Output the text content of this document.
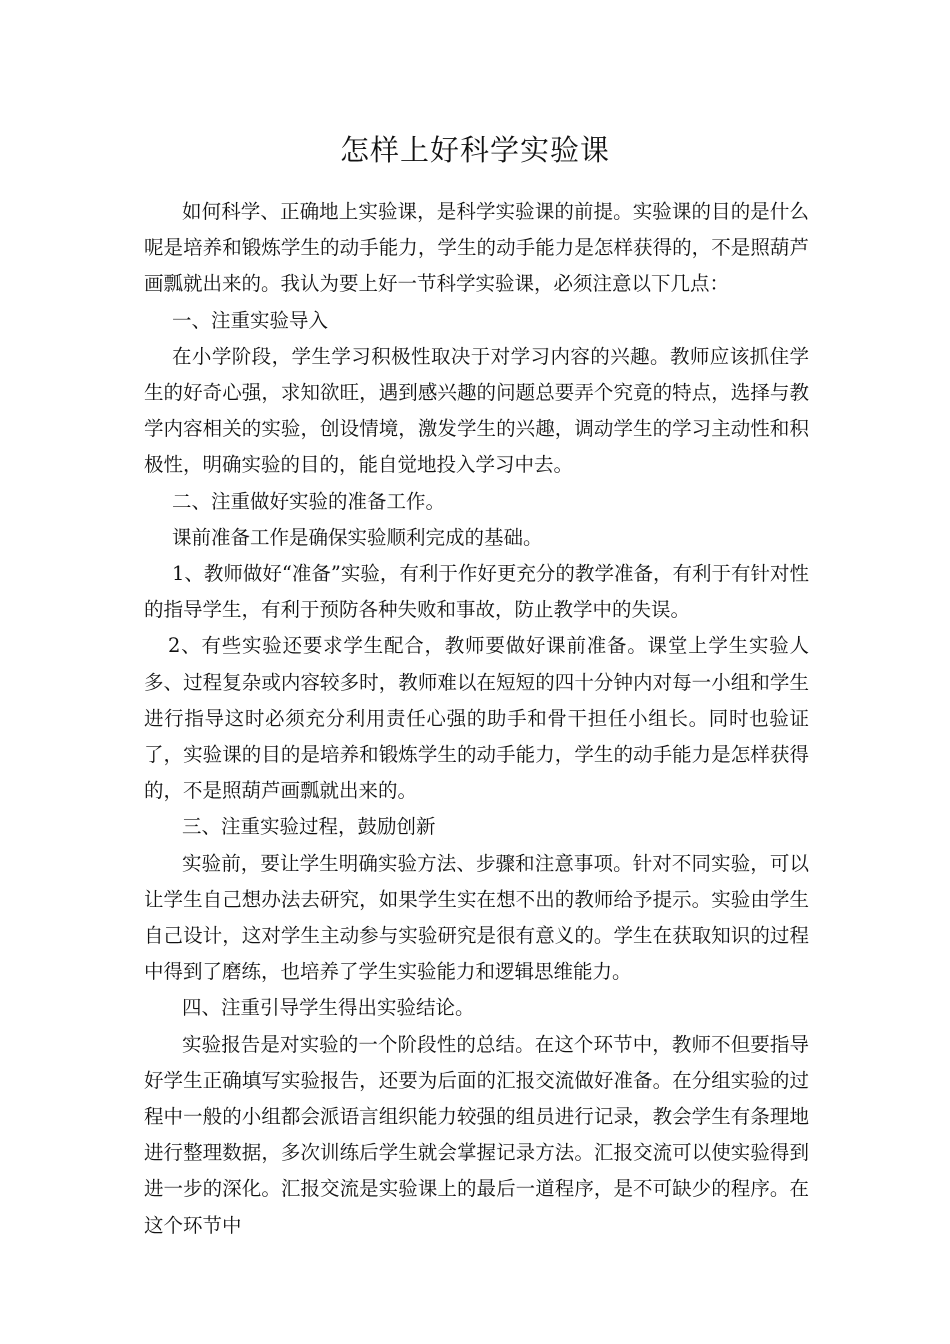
怎样上好科学实验课

如何科学、正确地上实验课，是科学实验课的前提。实验课的目的是什么呢是培养和锻炼学生的动手能力，学生的动手能力是怎样获得的，不是照葫芦画瓢就出来的。我认为要上好一节科学实验课，必须注意以下几点：

一、注重实验导入

在小学阶段，学生学习积极性取决于对学习内容的兴趣。教师应该抓住学生的好奇心强，求知欲旺，遇到感兴趣的问题总要弄个究竟的特点，选择与教学内容相关的实验，创设情境，激发学生的兴趣，调动学生的学习主动性和积极性，明确实验的目的，能自觉地投入学习中去。

二、注重做好实验的准备工作。

课前准备工作是确保实验顺利完成的基础。

1、教师做好“准备”实验，有利于作好更充分的教学准备，有利于有针对性的指导学生，有利于预防各种失败和事故，防止教学中的失误。

2、有些实验还要求学生配合，教师要做好课前准备。课堂上学生实验人多、过程复杂或内容较多时，教师难以在短短的四十分钟内对每一小组和学生进行指导这时必须充分利用责任心强的助手和骨干担任小组长。同时也验证了，实验课的目的是培养和锻炼学生的动手能力，学生的动手能力是怎样获得的，不是照葫芦画瓢就出来的。

三、注重实验过程，鼓励创新

实验前，要让学生明确实验方法、步骤和注意事项。针对不同实验，可以让学生自己想办法去研究，如果学生实在想不出的教师给予提示。实验由学生自己设计，这对学生主动参与实验研究是很有意义的。学生在获取知识的过程中得到了磨练，也培养了学生实验能力和逻辑思维能力。

四、注重引导学生得出实验结论。

实验报告是对实验的一个阶段性的总结。在这个环节中，教师不但要指导好学生正确填写实验报告，还要为后面的汇报交流做好准备。在分组实验的过程中一般的小组都会派语言组织能力较强的组员进行记录，教会学生有条理地进行整理数据，多次训练后学生就会掌握记录方法。汇报交流可以使实验得到进一步的深化。汇报交流是实验课上的最后一道程序，是不可缺少的程序。在这个环节中
